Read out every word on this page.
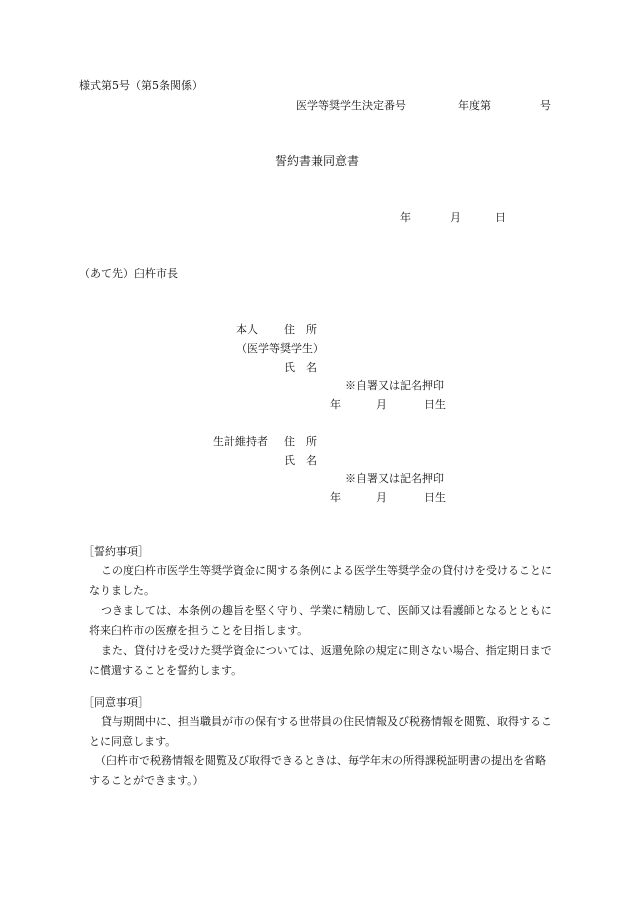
様式第5号（第5条関係）
医学等奨学生決定番号	年度第	号
誓約書兼同意書
年	月	日
（あて先）臼杵市長
本人 住　所
（医学等奨学生）
氏　名
※自署又は記名押印
年	月	日生
生計維持者 住　所
氏　名
※自署又は記名押印
年	月	日生
［誓約事項］
この度臼杵市医学生等奨学資金に関する条例による医学生等奨学金の貸付けを受けることになりました。
つきましては、本条例の趣旨を堅く守り、学業に精励して、医師又は看護師となるとともに将来臼杵市の医療を担うことを目指します。
また、貸付けを受けた奨学資金については、返還免除の規定に則さない場合、指定期日までに償還することを誓約します。
［同意事項］
貸与期間中に、担当職員が市の保有する世帯員の住民情報及び税務情報を閲覧、取得することに同意します。
（臼杵市で税務情報を閲覧及び取得できるときは、毎学年末の所得課税証明書の提出を省略することができます。）
